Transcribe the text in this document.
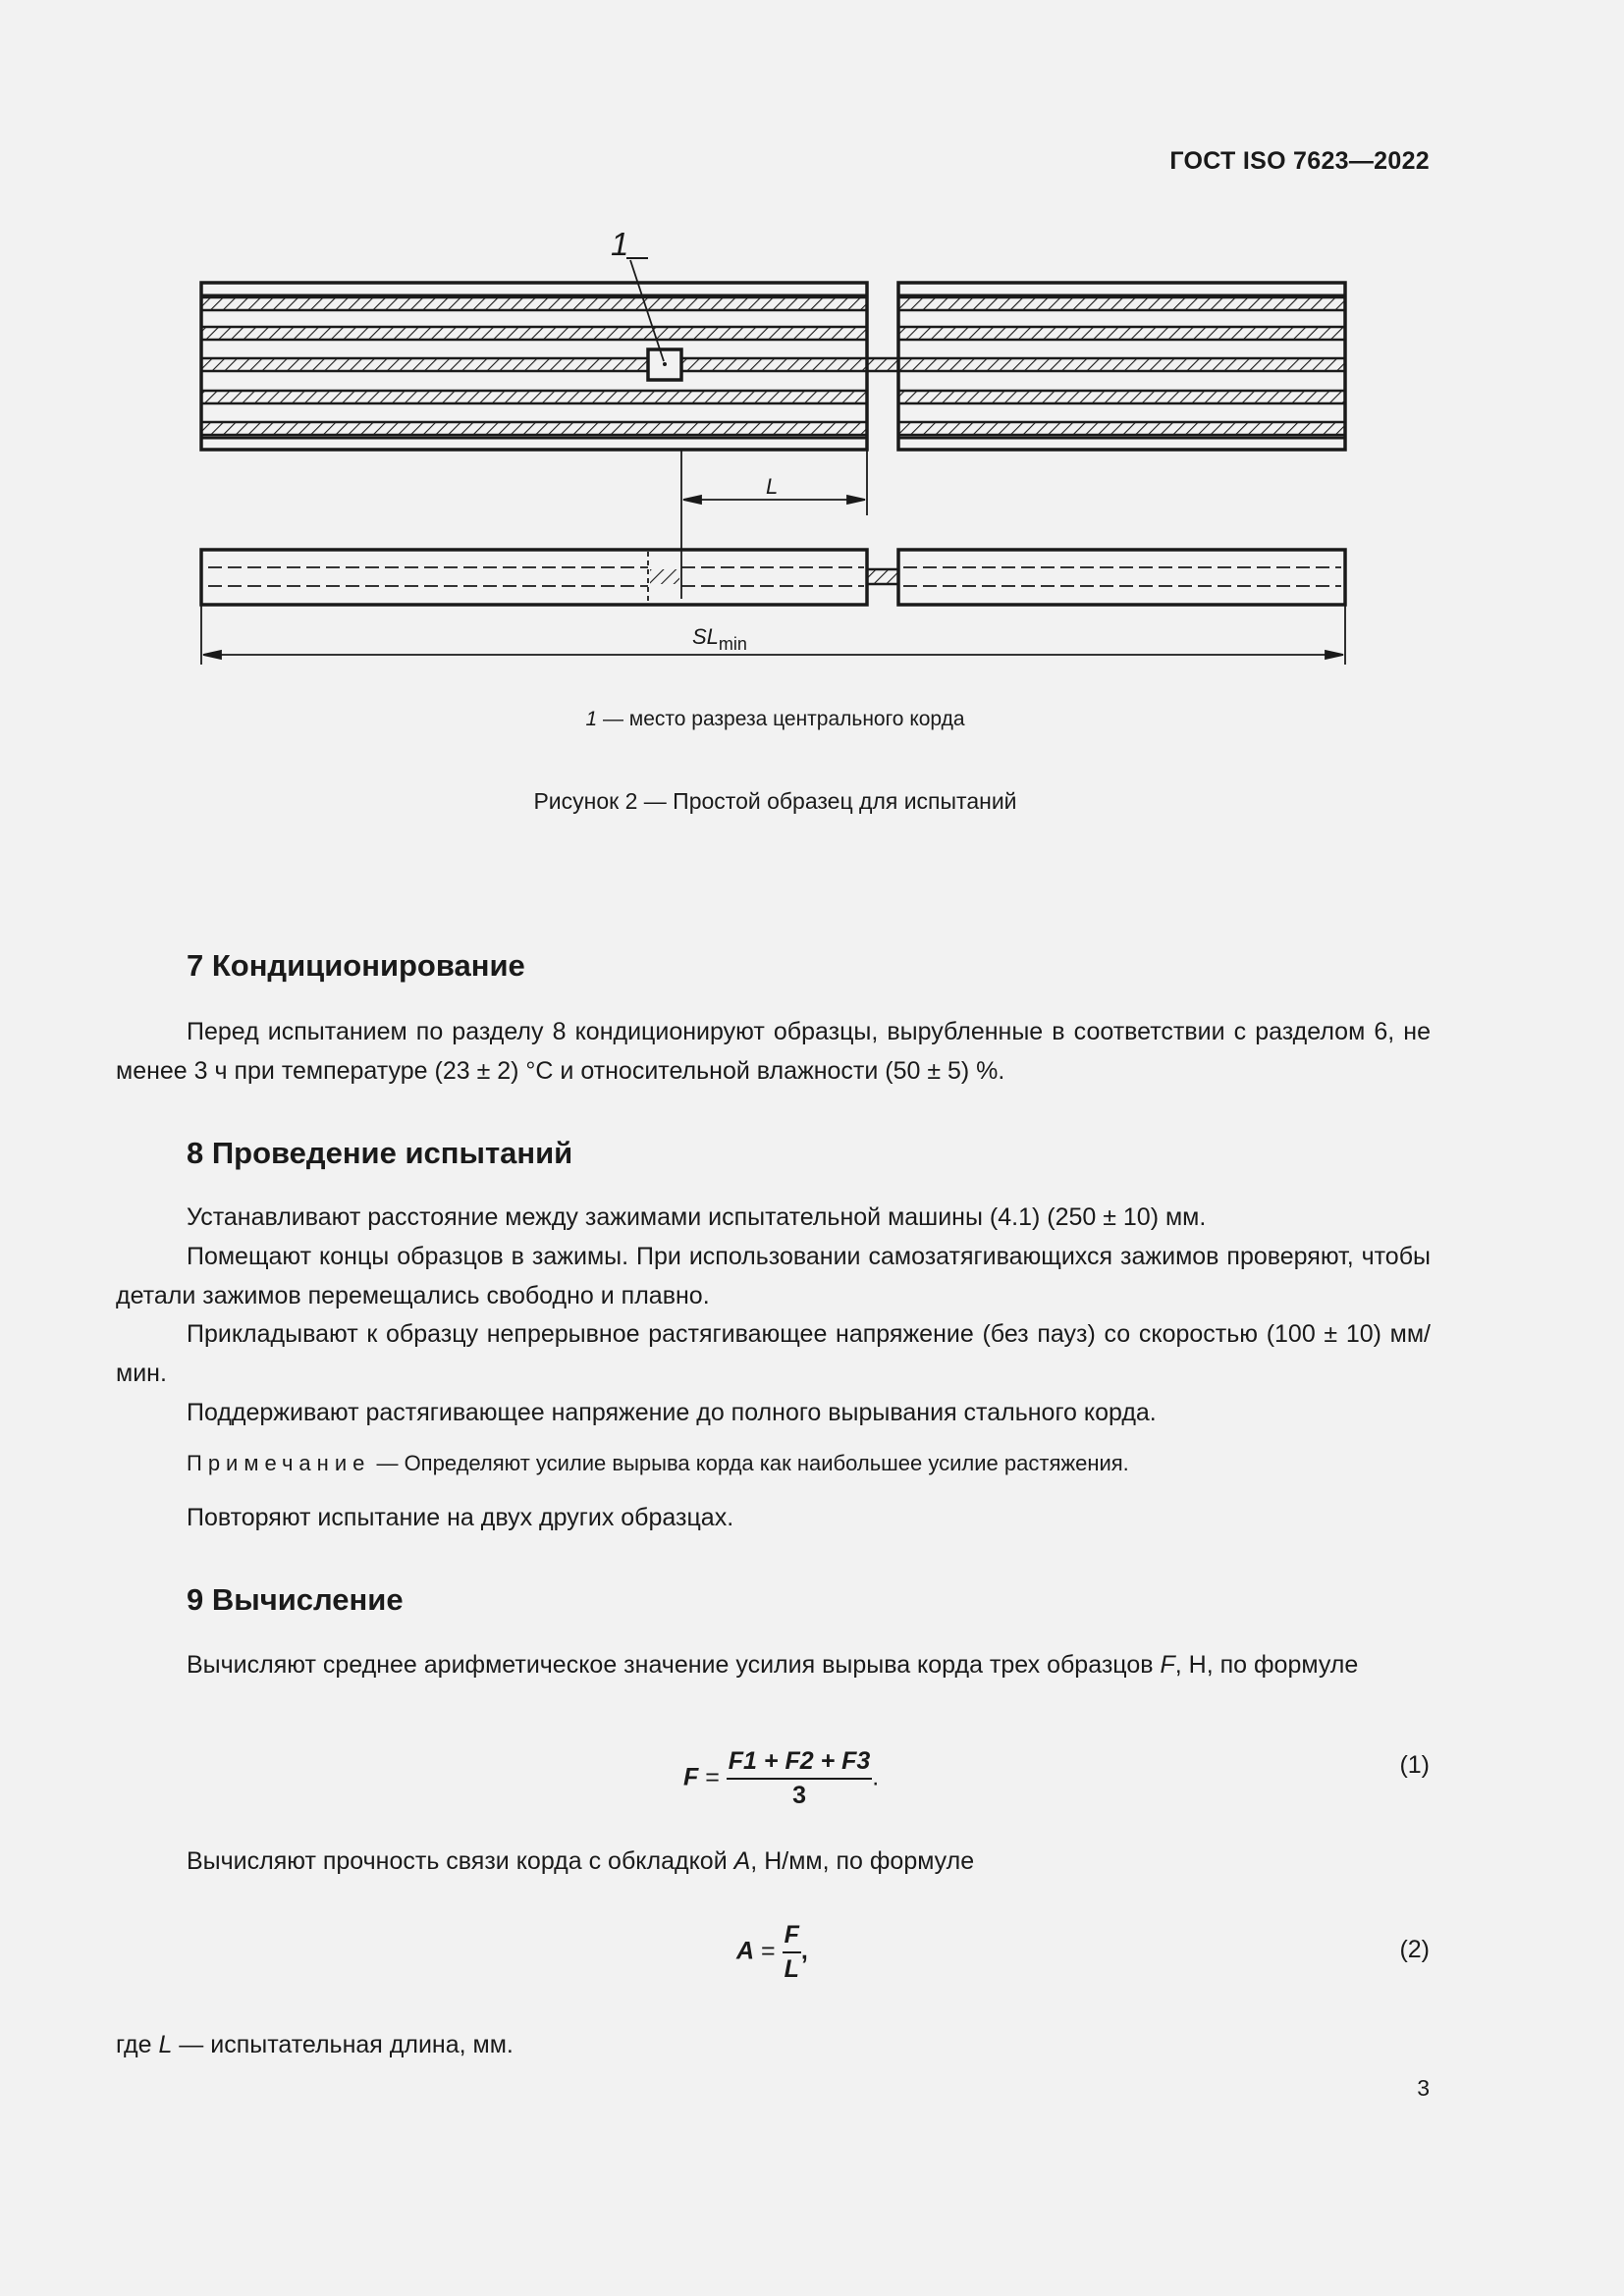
ГОСТ ISO 7623—2022
1
L
$SL_{min}$
1 — место разреза центрального корда
Рисунок 2 — Простой образец для испытаний
7 Кондиционирование
Перед испытанием по разделу 8 кондиционируют образцы, вырубленные в соответствии с разделом 6, не менее 3 ч при температуре (23 ± 2) °С и относительной влажности (50 ± 5) %.
8 Проведение испытаний
Устанавливают расстояние между зажимами испытательной машины (4.1) (250 ± 10) мм.
Помещают концы образцов в зажимы. При использовании самозатягивающихся зажимов проверяют, чтобы детали зажимов перемещались свободно и плавно.
Прикладывают к образцу непрерывное растягивающее напряжение (без пауз) со скоростью (100 ± 10) мм/мин.
Поддерживают растягивающее напряжение до полного вырывания стального корда.
Примечание — Определяют усилие вырыва корда как наибольшее усилие растяжения.
Повторяют испытание на двух других образцах.
9 Вычисление
Вычисляют среднее арифметическое значение усилия вырыва корда трех образцов F, Н, по формуле
$F = \frac{F1 + F2 + F3}{3}$ .	(1)
Вычисляют прочность связи корда с обкладкой A, Н/мм, по формуле
$A = \frac{F}{L}$ ,	(2)
где L — испытательная длина, мм.
3
